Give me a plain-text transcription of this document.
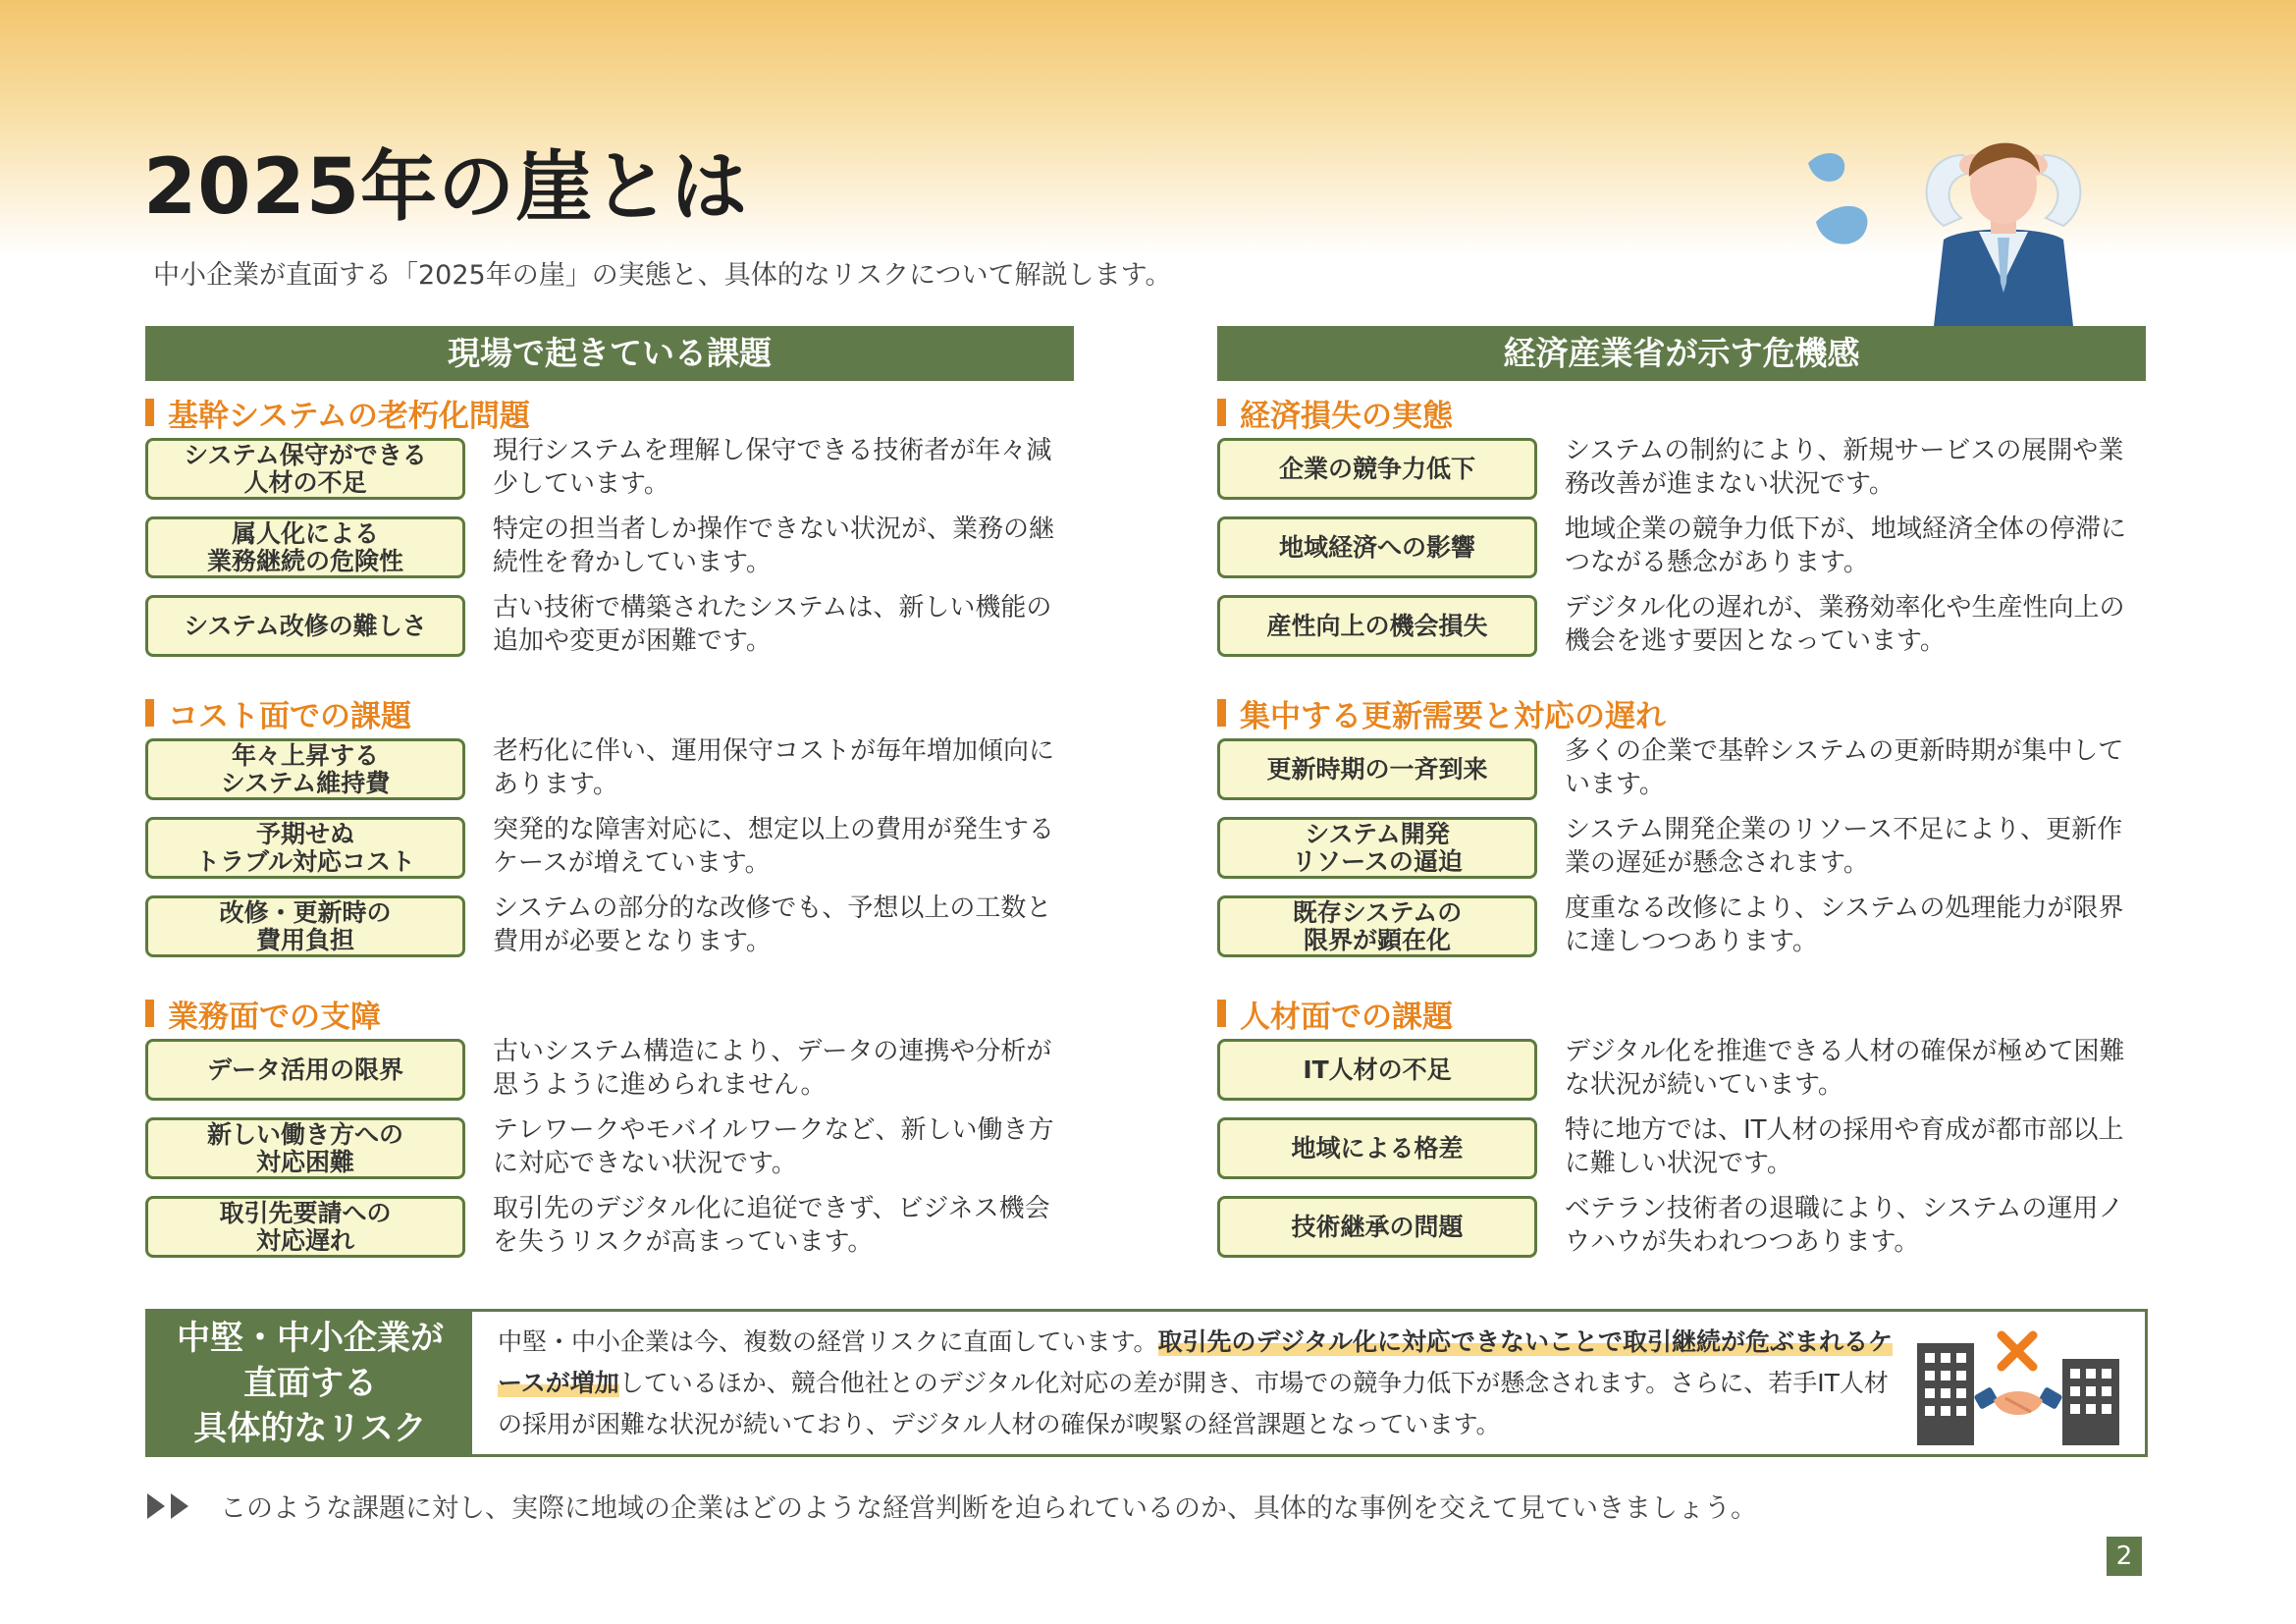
2025年の崖とは
中小企業が直面する「2025年の崖」の実態と、具体的なリスクについて解説します。
現場で起きている課題
基幹システムの老朽化問題
システム保守ができる
人材の不足
現行システムを理解し保守できる技術者が年々減少しています。
属人化による
業務継続の危険性
特定の担当者しか操作できない状況が、業務の継続性を脅かしています。
システム改修の難しさ
古い技術で構築されたシステムは、新しい機能の追加や変更が困難です。
コスト面での課題
年々上昇する
システム維持費
老朽化に伴い、運用保守コストが毎年増加傾向にあります。
予期せぬ
トラブル対応コスト
突発的な障害対応に、想定以上の費用が発生するケースが増えています。
改修・更新時の
費用負担
システムの部分的な改修でも、予想以上の工数と費用が必要となります。
業務面での支障
データ活用の限界
古いシステム構造により、データの連携や分析が思うように進められません。
新しい働き方への
対応困難
テレワークやモバイルワークなど、新しい働き方に対応できない状況です。
取引先要請への
対応遅れ
取引先のデジタル化に追従できず、ビジネス機会を失うリスクが高まっています。
経済産業省が示す危機感
経済損失の実態
企業の競争力低下
システムの制約により、新規サービスの展開や業務改善が進まない状況です。
地域経済への影響
地域企業の競争力低下が、地域経済全体の停滞につながる懸念があります。
産性向上の機会損失
デジタル化の遅れが、業務効率化や生産性向上の機会を逃す要因となっています。
集中する更新需要と対応の遅れ
更新時期の一斉到来
多くの企業で基幹システムの更新時期が集中しています。
システム開発
リソースの逼迫
システム開発企業のリソース不足により、更新作業の遅延が懸念されます。
既存システムの
限界が顕在化
度重なる改修により、システムの処理能力が限界に達しつつあります。
人材面での課題
IT人材の不足
デジタル化を推進できる人材の確保が極めて困難な状況が続いています。
地域による格差
特に地方では、IT人材の採用や育成が都市部以上に難しい状況です。
技術継承の問題
ベテラン技術者の退職により、システムの運用ノウハウが失われつつあります。
中堅・中小企業が
直面する
具体的なリスク
中堅・中小企業は今、複数の経営リスクに直面しています。取引先のデジタル化に対応できないことで取引継続が危ぶまれるケースが増加しているほか、競合他社とのデジタル化対応の差が開き、市場での競争力低下が懸念されます。さらに、若手IT人材の採用が困難な状況が続いており、デジタル人材の確保が喫緊の経営課題となっています。
このような課題に対し、実際に地域の企業はどのような経営判断を迫られているのか、具体的な事例を交えて見ていきましょう。
2
